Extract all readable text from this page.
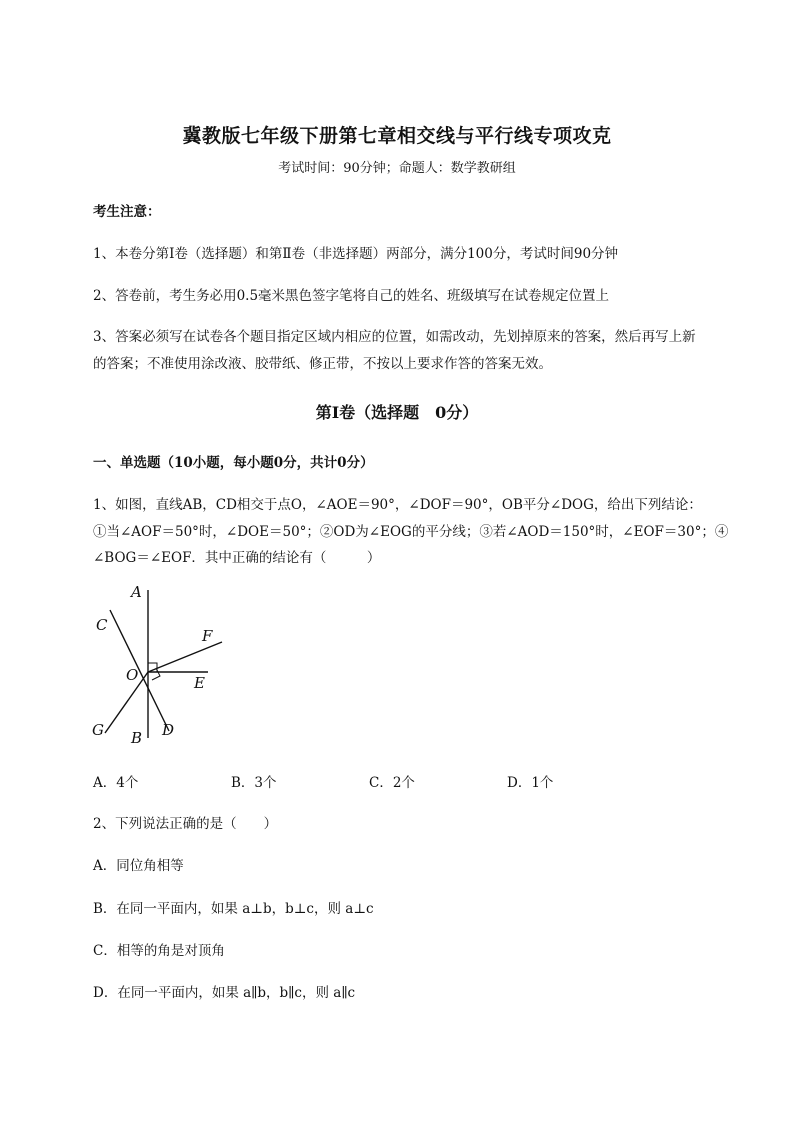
冀教版七年级下册第七章相交线与平行线专项攻克
考试时间：90分钟；命题人：数学教研组
考生注意：
1、本卷分第Ⅰ卷（选择题）和第Ⅱ卷（非选择题）两部分，满分100分，考试时间90分钟
2、答卷前，考生务必用0.5毫米黑色签字笔将自己的姓名、班级填写在试卷规定位置上
3、答案必须写在试卷各个题目指定区域内相应的位置，如需改动，先划掉原来的答案，然后再写上新
的答案；不准使用涂改液、胶带纸、修正带，不按以上要求作答的答案无效。
第Ⅰ卷（选择题　0分）
一、单选题（10小题，每小题0分，共计0分）
1、如图，直线AB，CD相交于点O，∠AOE＝90°，∠DOF＝90°，OB平分∠DOG，给出下列结论：
①当∠AOF＝50°时，∠DOE＝50°；②OD为∠EOG的平分线；③若∠AOD＝150°时，∠EOF＝30°；④
∠BOG＝∠EOF．其中正确的结论有（　　　）
A
C
F
O	E
G B D
A．4个	B．3个	C．2个	D．1个
2、下列说法正确的是（　　）
A．同位角相等
B．在同一平面内，如果 a⊥b，b⊥c，则 a⊥c
C．相等的角是对顶角
D．在同一平面内，如果 a∥b，b∥c，则 a∥c
